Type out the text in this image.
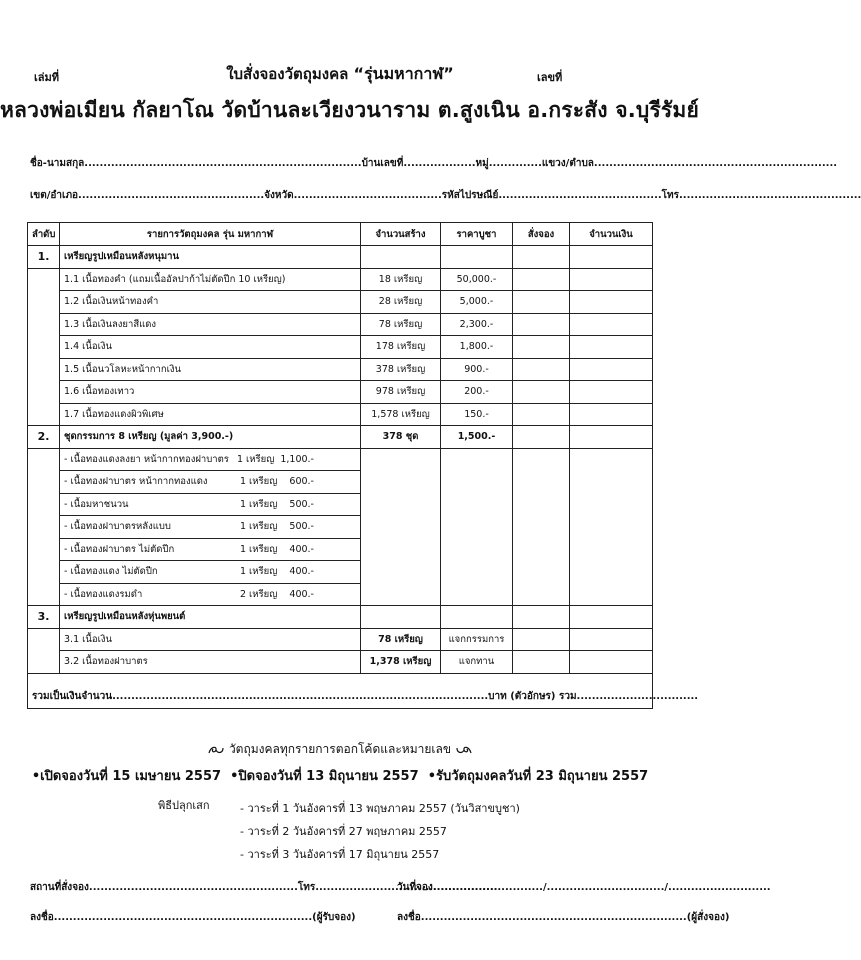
เล่มที่	ใบสั่งจองวัตถุมงคล “รุ่นมหากาฬ”	เลขที่
หลวงพ่อเมียน กัลยาโณ วัดบ้านละเวียงวนาราม ต.สูงเนิน อ.กระสัง จ.บุรีรัมย์
ชื่อ-นามสกุล.........................................................................บ้านเลขที่...................หมู่..............แขวง/ตำบล................................................................
เขต/อำเภอ.................................................จังหวัด.......................................รหัสไปรษณีย์...........................................โทร................................................
ลำดับ	รายการวัตถุมงคล รุ่น มหากาฬ	จำนวนสร้าง	ราคาบูชา	สั่งจอง	จำนวนเงิน
1.	เหรียญรูปเหมือนหลังหนุมาน				
	1.1 เนื้อทองคำ (แถมเนื้ออัลปาก้าไม่ตัดปีก 10 เหรียญ)	18 เหรียญ	50,000.-		
	1.2 เนื้อเงินหน้าทองคำ	28 เหรียญ	5,000.-		
	1.3 เนื้อเงินลงยาสีแดง	78 เหรียญ	2,300.-		
	1.4 เนื้อเงิน	178 เหรียญ	1,800.-		
	1.5 เนื้อนวโลหะหน้ากากเงิน	378 เหรียญ	900.-		
	1.6 เนื้อทองเทาว	978 เหรียญ	200.-		
	1.7 เนื้อทองแดงผิวพิเศษ	1,578 เหรียญ	150.-		
2.	ชุดกรรมการ 8 เหรียญ (มูลค่า 3,900.-)	378 ชุด	1,500.-		

	- เนื้อทองแดงลงยา หน้ากากทองฝาบาตร 1 เหรียญ 1,100.-				

	- เนื้อทองฝาบาตร หน้ากากทองแดง 1 เหรียญ 600.-				

	- เนื้อมหาชนวน 1 เหรียญ 500.-				

	- เนื้อทองฝาบาตรหลังแบบ 1 เหรียญ 500.-				

	- เนื้อทองฝาบาตร ไม่ตัดปีก 1 เหรียญ 400.-				

	- เนื้อทองแดง ไม่ตัดปีก 1 เหรียญ 400.-				

	- เนื้อทองแดงรมดำ 2 เหรียญ 400.-				

3.	เหรียญรูปเหมือนหลังหุ่นพยนต์				
	3.1 เนื้อเงิน	78 เหรียญ	แจกกรรมการ		
	3.2 เนื้อทองฝาบาตร	1,378 เหรียญ	แจกทาน		
รวมเป็นเงินจำนวน...................................................................................................บาท (ตัวอักษร) รวม................................					
วัตถุมงคลทุกรายการตอกโค้ดและหมายเลข
•เปิดจองวันที่ 15 เมษายน 2557 •ปิดจองวันที่ 13 มิถุนายน 2557 •รับวัตถุมงคลวันที่ 23 มิถุนายน 2557
พิธีปลุกเสก	- วาระที่ 1 วันอังคารที่ 13 พฤษภาคม 2557 (วันวิสาขบูชา)
- วาระที่ 2 วันอังคารที่ 27 พฤษภาคม 2557
- วาระที่ 3 วันอังคารที่ 17 มิถุนายน 2557
สถานที่สั่งจอง.......................................................โทร................................................
วันที่จอง............................./.............................../...........................
ลงชื่อ....................................................................(ผู้รับจอง)	ลงชื่อ......................................................................(ผู้สั่งจอง)
